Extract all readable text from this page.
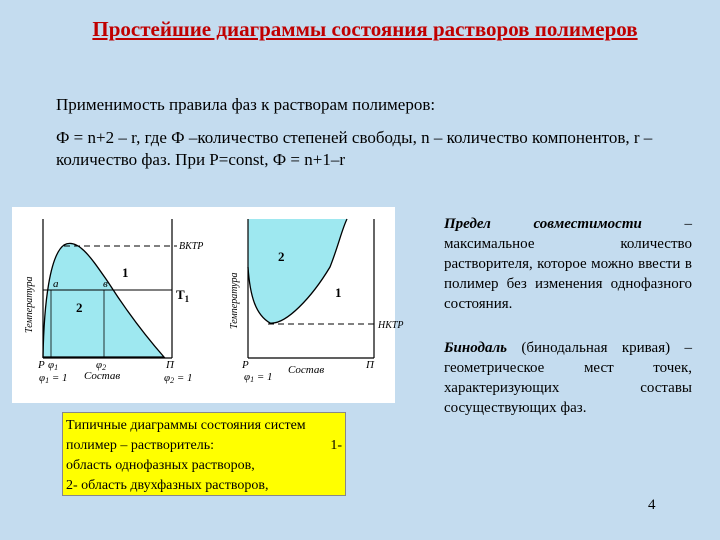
Простейшие диаграммы состояния растворов полимеров

Применимость правила фаз к растворам полимеров:

Ф = n+2 – r, где Ф –количество степеней свободы, n – количество компонентов, r – количество фаз. При P=const, Ф = n+1–r

Температура
ВКТР
$Т_1$
1
2
a	в
Р φ1''	φ2'
φ1 = 1 Состав
П
φ2 = 1
Температура	НКТР
2
1
Р
φ1 = 1
Состав	П
Типичные диаграммы состояния систем
полимер – растворитель:	1-
область однофазных растворов,
2- область двухфазных растворов,
Предел совместимости – максимальное количество растворителя, которое можно ввести в полимер без изменения однофазного состояния.
Бинодаль (бинодальная кривая) – геометрическое мест точек, характеризующих составы сосуществующих фаз.
4
